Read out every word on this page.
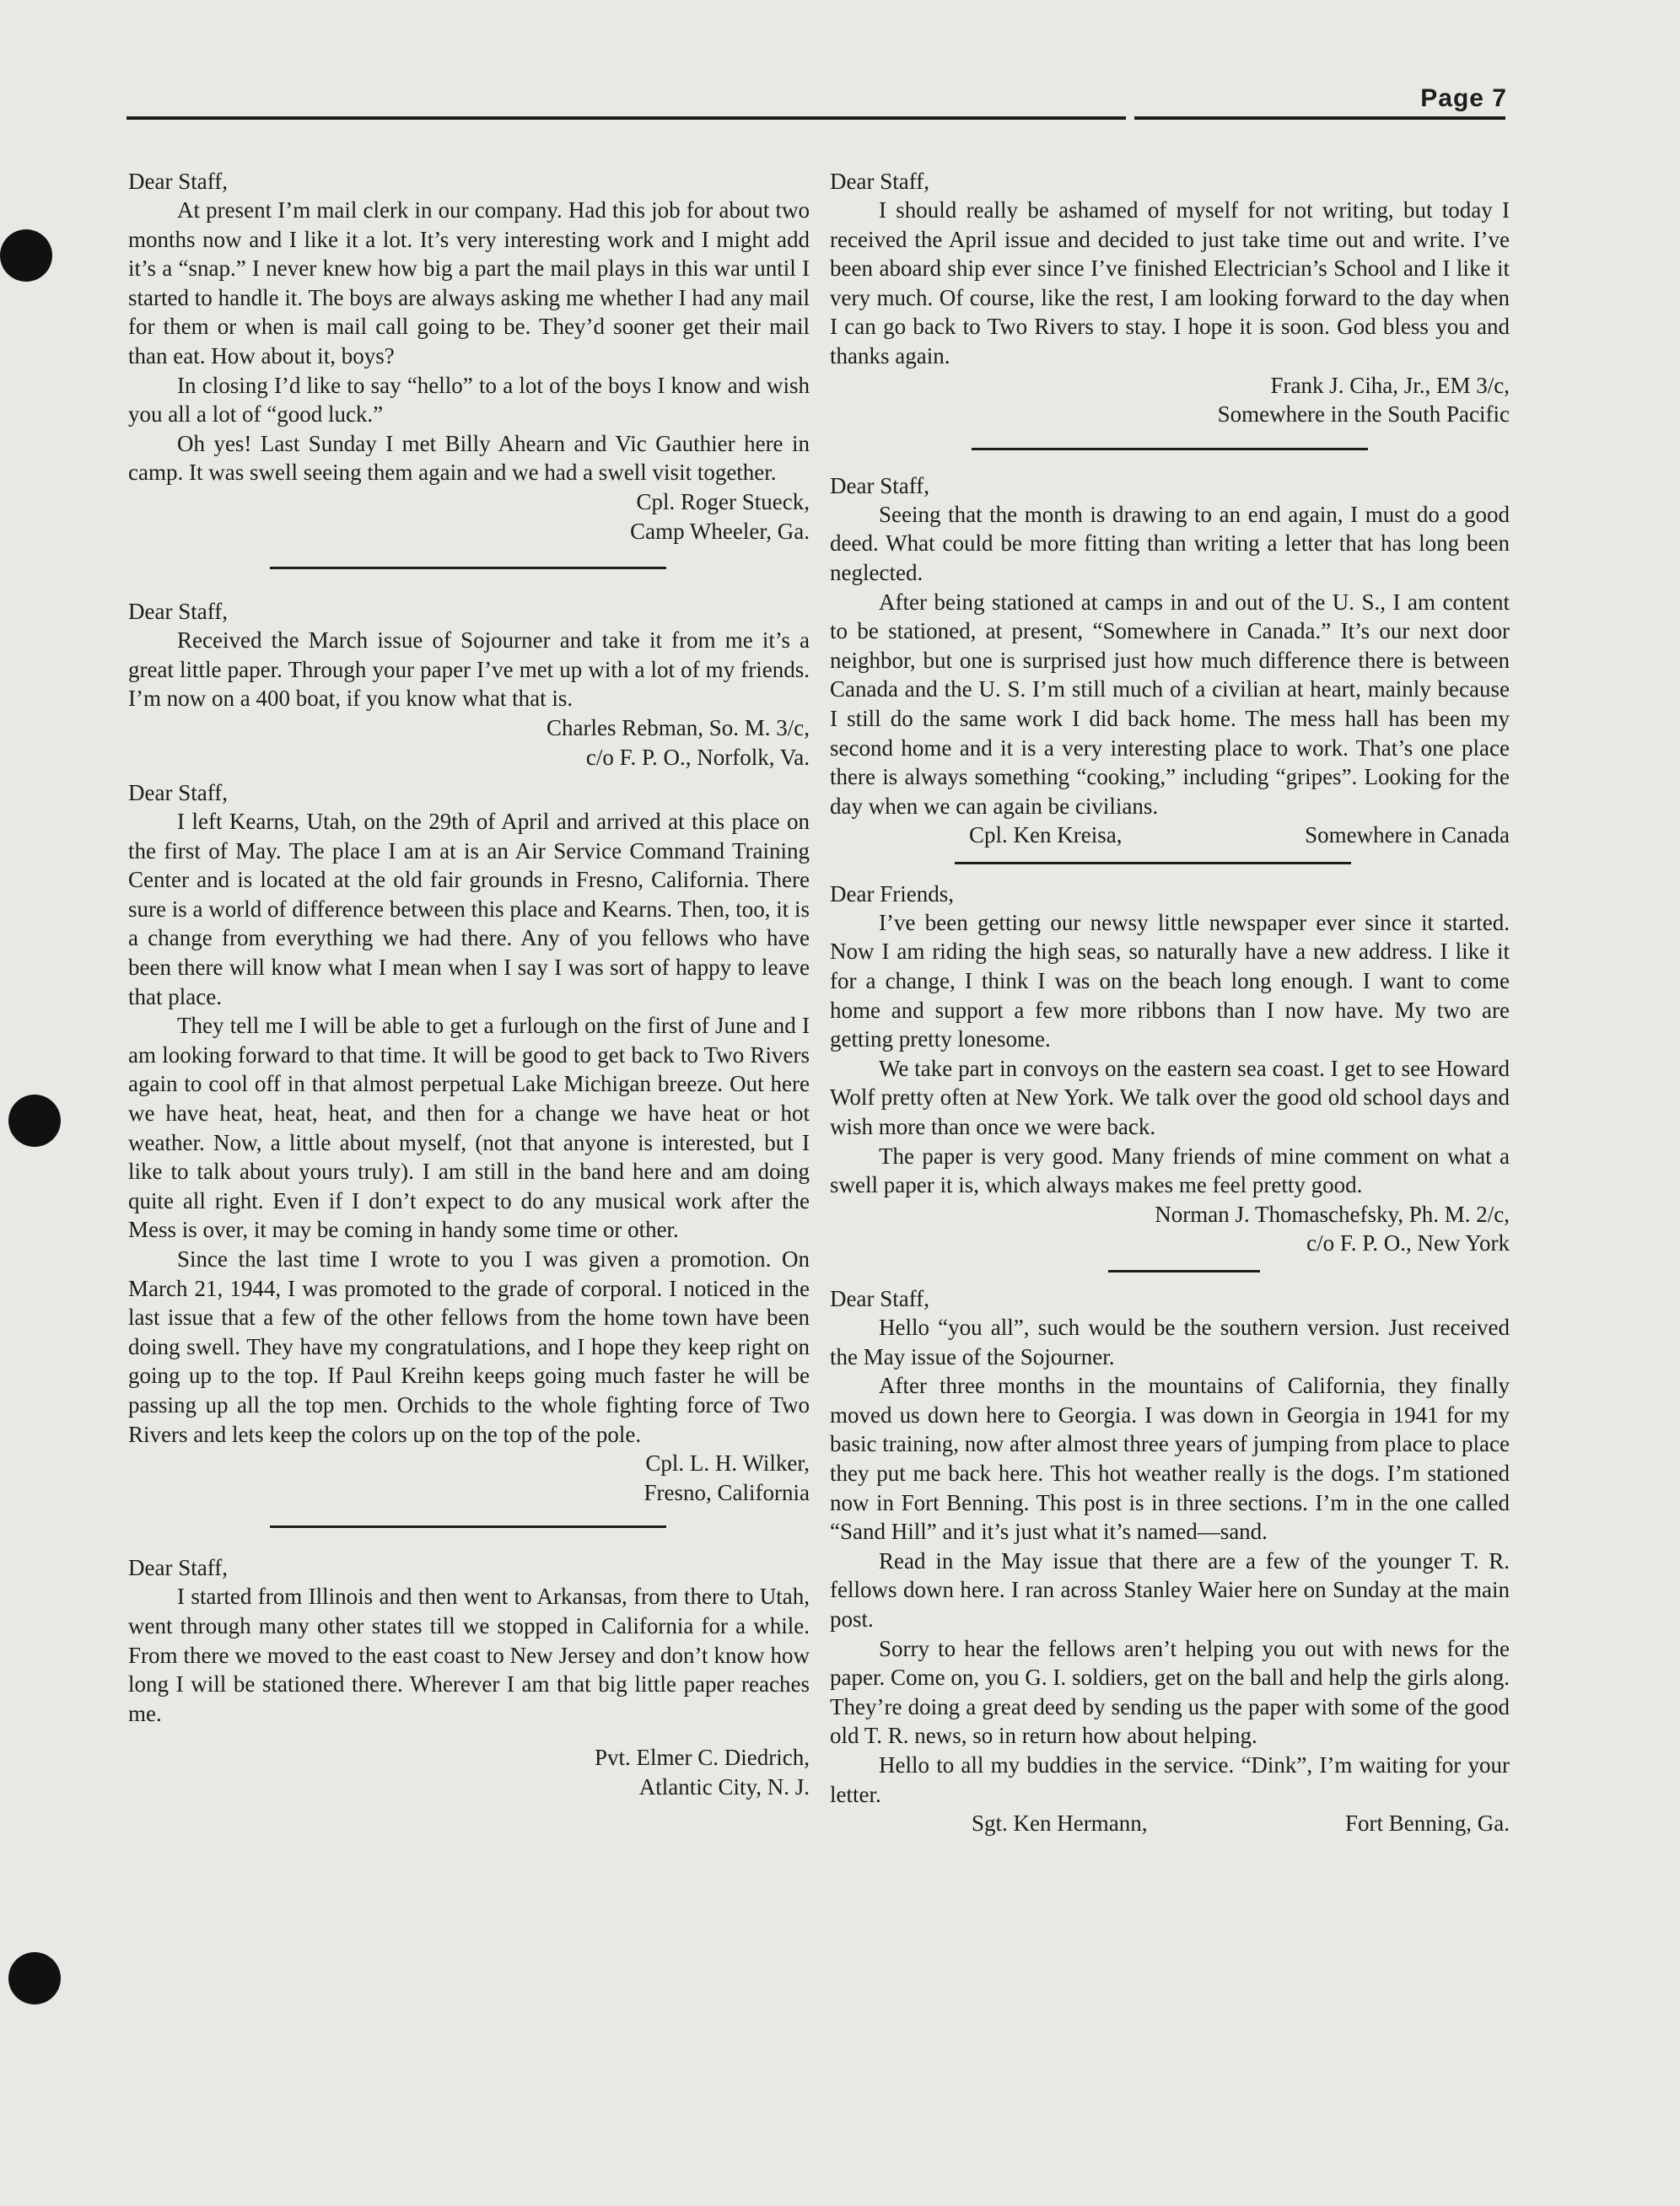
Page 7

Dear Staff,

At present I’m mail clerk in our company. Had this job for about two months now and I like it a lot. It’s very interesting work and I might add it’s a “snap.” I never knew how big a part the mail plays in this war until I started to handle it. The boys are always asking me whether I had any mail for them or when is mail call going to be. They’d sooner get their mail than eat. How about it, boys?

In closing I’d like to say “hello” to a lot of the boys I know and wish you all a lot of “good luck.”

Oh yes! Last Sunday I met Billy Ahearn and Vic Gauthier here in camp. It was swell seeing them again and we had a swell visit together.

Cpl. Roger Stueck,

Camp Wheeler, Ga.

Dear Staff,

Received the March issue of Sojourner and take it from me it’s a great little paper. Through your paper I’ve met up with a lot of my friends. I’m now on a 400 boat, if you know what that is.

Charles Rebman, So. M. 3/c,

c/o F. P. O., Norfolk, Va.

Dear Staff,

I left Kearns, Utah, on the 29th of April and arrived at this place on the first of May. The place I am at is an Air Service Command Training Center and is located at the old fair grounds in Fresno, California. There sure is a world of difference between this place and Kearns. Then, too, it is a change from everything we had there. Any of you fellows who have been there will know what I mean when I say I was sort of happy to leave that place.

They tell me I will be able to get a furlough on the first of June and I am looking forward to that time. It will be good to get back to Two Rivers again to cool off in that almost perpetual Lake Michigan breeze. Out here we have heat, heat, heat, and then for a change we have heat or hot weather. Now, a little about myself, (not that anyone is interested, but I like to talk about yours truly). I am still in the band here and am doing quite all right. Even if I don’t expect to do any musical work after the Mess is over, it may be coming in handy some time or other.

Since the last time I wrote to you I was given a promotion. On March 21, 1944, I was promoted to the grade of corporal. I noticed in the last issue that a few of the other fellows from the home town have been doing swell. They have my congratulations, and I hope they keep right on going up to the top. If Paul Kreihn keeps going much faster he will be passing up all the top men. Orchids to the whole fighting force of Two Rivers and lets keep the colors up on the top of the pole.

Cpl. L. H. Wilker,

Fresno, California

Dear Staff,

I started from Illinois and then went to Arkansas, from there to Utah, went through many other states till we stopped in California for a while. From there we moved to the east coast to New Jersey and don’t know how long I will be stationed there. Wherever I am that big little paper reaches me.

Pvt. Elmer C. Diedrich,

Atlantic City, N. J.

Dear Staff,

I should really be ashamed of myself for not writing, but today I received the April issue and decided to just take time out and write. I’ve been aboard ship ever since I’ve finished Electrician’s School and I like it very much. Of course, like the rest, I am looking forward to the day when I can go back to Two Rivers to stay. I hope it is soon. God bless you and thanks again.

Frank J. Ciha, Jr., EM 3/c,

Somewhere in the South Pacific

Dear Staff,

Seeing that the month is drawing to an end again, I must do a good deed. What could be more fitting than writing a letter that has long been neglected.

After being stationed at camps in and out of the U. S., I am content to be stationed, at present, “Somewhere in Canada.” It’s our next door neighbor, but one is surprised just how much difference there is between Canada and the U. S. I’m still much of a civilian at heart, mainly because I still do the same work I did back home. The mess hall has been my second home and it is a very interesting place to work. That’s one place there is always something “cooking,” including “gripes”. Looking for the day when we can again be civilians.

Cpl. Ken Kreisa,	Somewhere in Canada

Dear Friends,

I’ve been getting our newsy little newspaper ever since it started. Now I am riding the high seas, so naturally have a new address. I like it for a change, I think I was on the beach long enough. I want to come home and support a few more ribbons than I now have. My two are getting pretty lonesome.

We take part in convoys on the eastern sea coast. I get to see Howard Wolf pretty often at New York. We talk over the good old school days and wish more than once we were back.

The paper is very good. Many friends of mine comment on what a swell paper it is, which always makes me feel pretty good.

Norman J. Thomaschefsky, Ph. M. 2/c,

c/o F. P. O., New York

Dear Staff,

Hello “you all”, such would be the southern version. Just received the May issue of the Sojourner.

After three months in the mountains of California, they finally moved us down here to Georgia. I was down in Georgia in 1941 for my basic training, now after almost three years of jumping from place to place they put me back here. This hot weather really is the dogs. I’m stationed now in Fort Benning. This post is in three sections. I’m in the one called “Sand Hill” and it’s just what it’s named—sand.

Read in the May issue that there are a few of the younger T. R. fellows down here. I ran across Stanley Waier here on Sunday at the main post.

Sorry to hear the fellows aren’t helping you out with news for the paper. Come on, you G. I. soldiers, get on the ball and help the girls along. They’re doing a great deed by sending us the paper with some of the good old T. R. news, so in return how about helping.

Hello to all my buddies in the service. “Dink”, I’m waiting for your letter.

Sgt. Ken Hermann,	Fort Benning, Ga.
